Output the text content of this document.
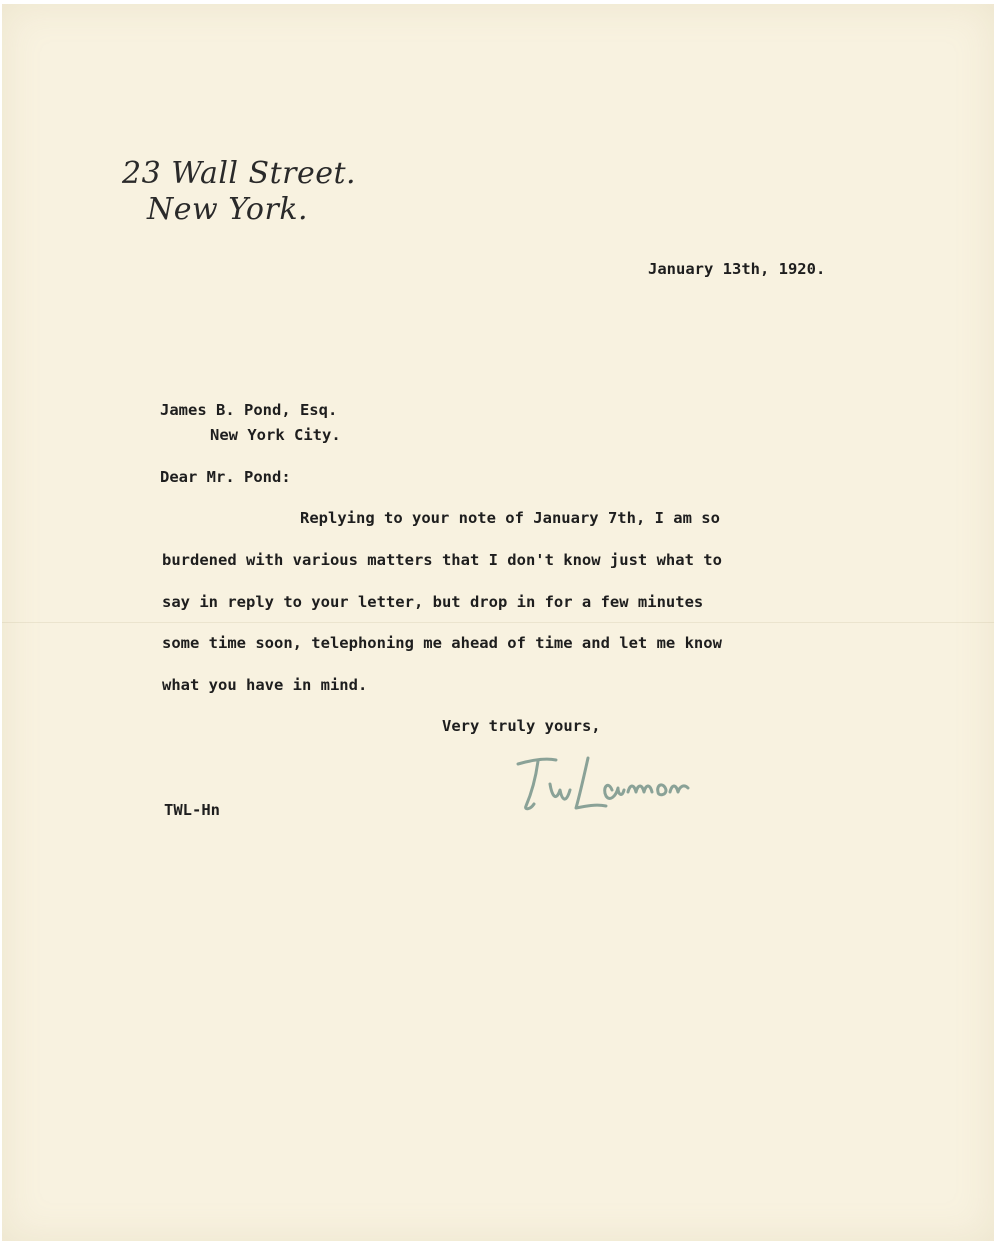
23 Wall Street.
New York.
January 13th, 1920.
James B. Pond, Esq.
New York City.
Dear Mr. Pond:
Replying to your note of January 7th, I am so
burdened with various matters that I don't know just what to
say in reply to your letter, but drop in for a few minutes
some time soon, telephoning me ahead of time and let me know
what you have in mind.
Very truly yours,
TWL-Hn
